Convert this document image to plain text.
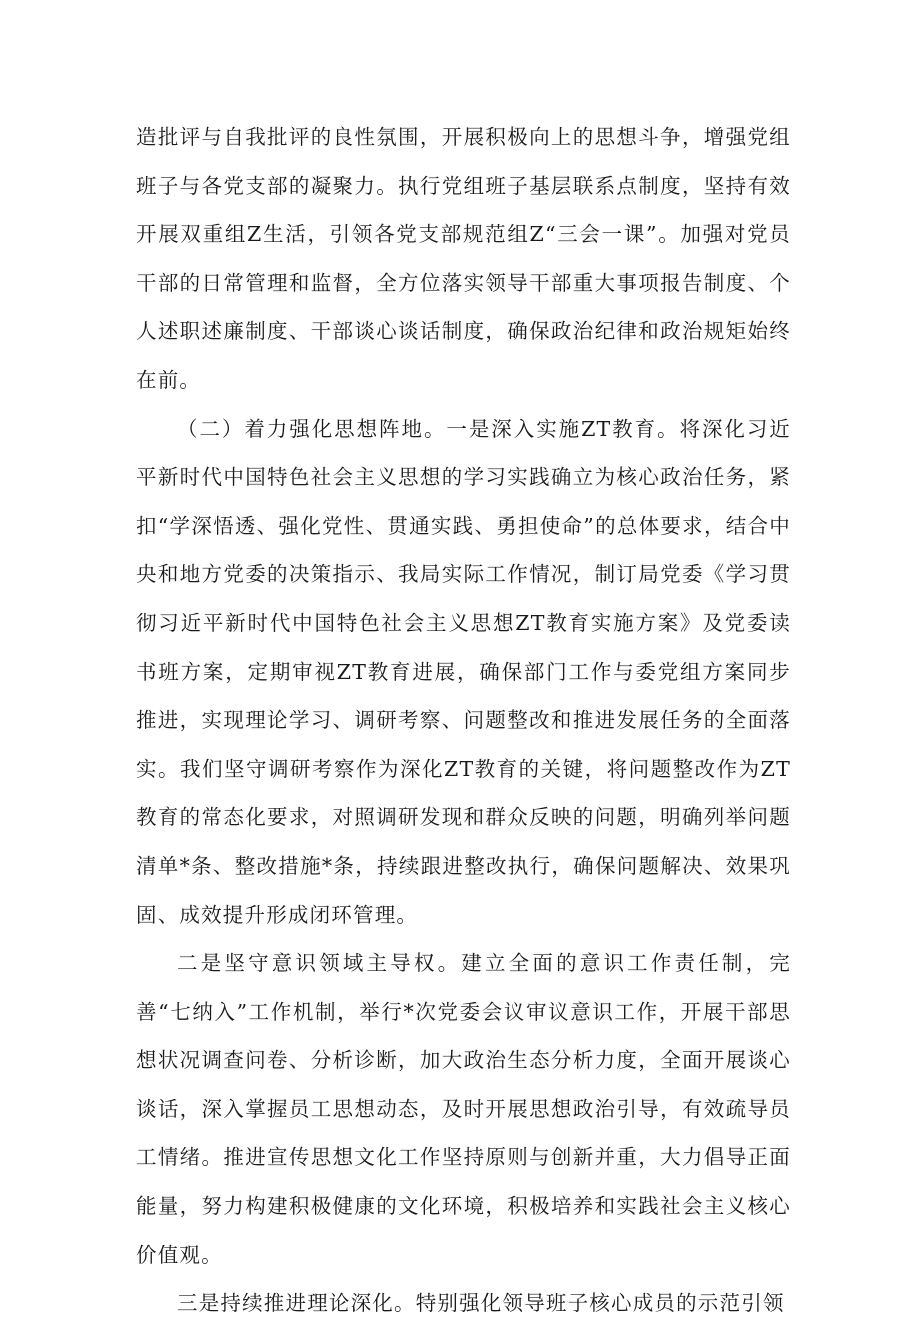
造批评与自我批评的良性氛围，开展积极向上的思想斗争，增强党组班子与各党支部的凝聚力。执行党组班子基层联系点制度，坚持有效开展双重组Z生活，引领各党支部规范组Z“三会一课”。加强对党员干部的日常管理和监督，全方位落实领导干部重大事项报告制度、个人述职述廉制度、干部谈心谈话制度，确保政治纪律和政治规矩始终在前。

（二）着力强化思想阵地。一是深入实施ZT教育。将深化习近平新时代中国特色社会主义思想的学习实践确立为核心政治任务，紧扣“学深悟透、强化党性、贯通实践、勇担使命”的总体要求，结合中央和地方党委的决策指示、我局实际工作情况，制订局党委《学习贯彻习近平新时代中国特色社会主义思想ZT教育实施方案》及党委读书班方案，定期审视ZT教育进展，确保部门工作与委党组方案同步推进，实现理论学习、调研考察、问题整改和推进发展任务的全面落实。我们坚守调研考察作为深化ZT教育的关键，将问题整改作为ZT教育的常态化要求，对照调研发现和群众反映的问题，明确列举问题清单*条、整改措施*条，持续跟进整改执行，确保问题解决、效果巩固、成效提升形成闭环管理。

二是坚守意识领域主导权。建立全面的意识工作责任制，完善“七纳入”工作机制，举行*次党委会议审议意识工作，开展干部思想状况调查问卷、分析诊断，加大政治生态分析力度，全面开展谈心谈话，深入掌握员工思想动态，及时开展思想政治引导，有效疏导员工情绪。推进宣传思想文化工作坚持原则与创新并重，大力倡导正面能量，努力构建积极健康的文化环境，积极培养和实践社会主义核心价值观。

三是持续推进理论深化。特别强化领导班子核心成员的示范引领
